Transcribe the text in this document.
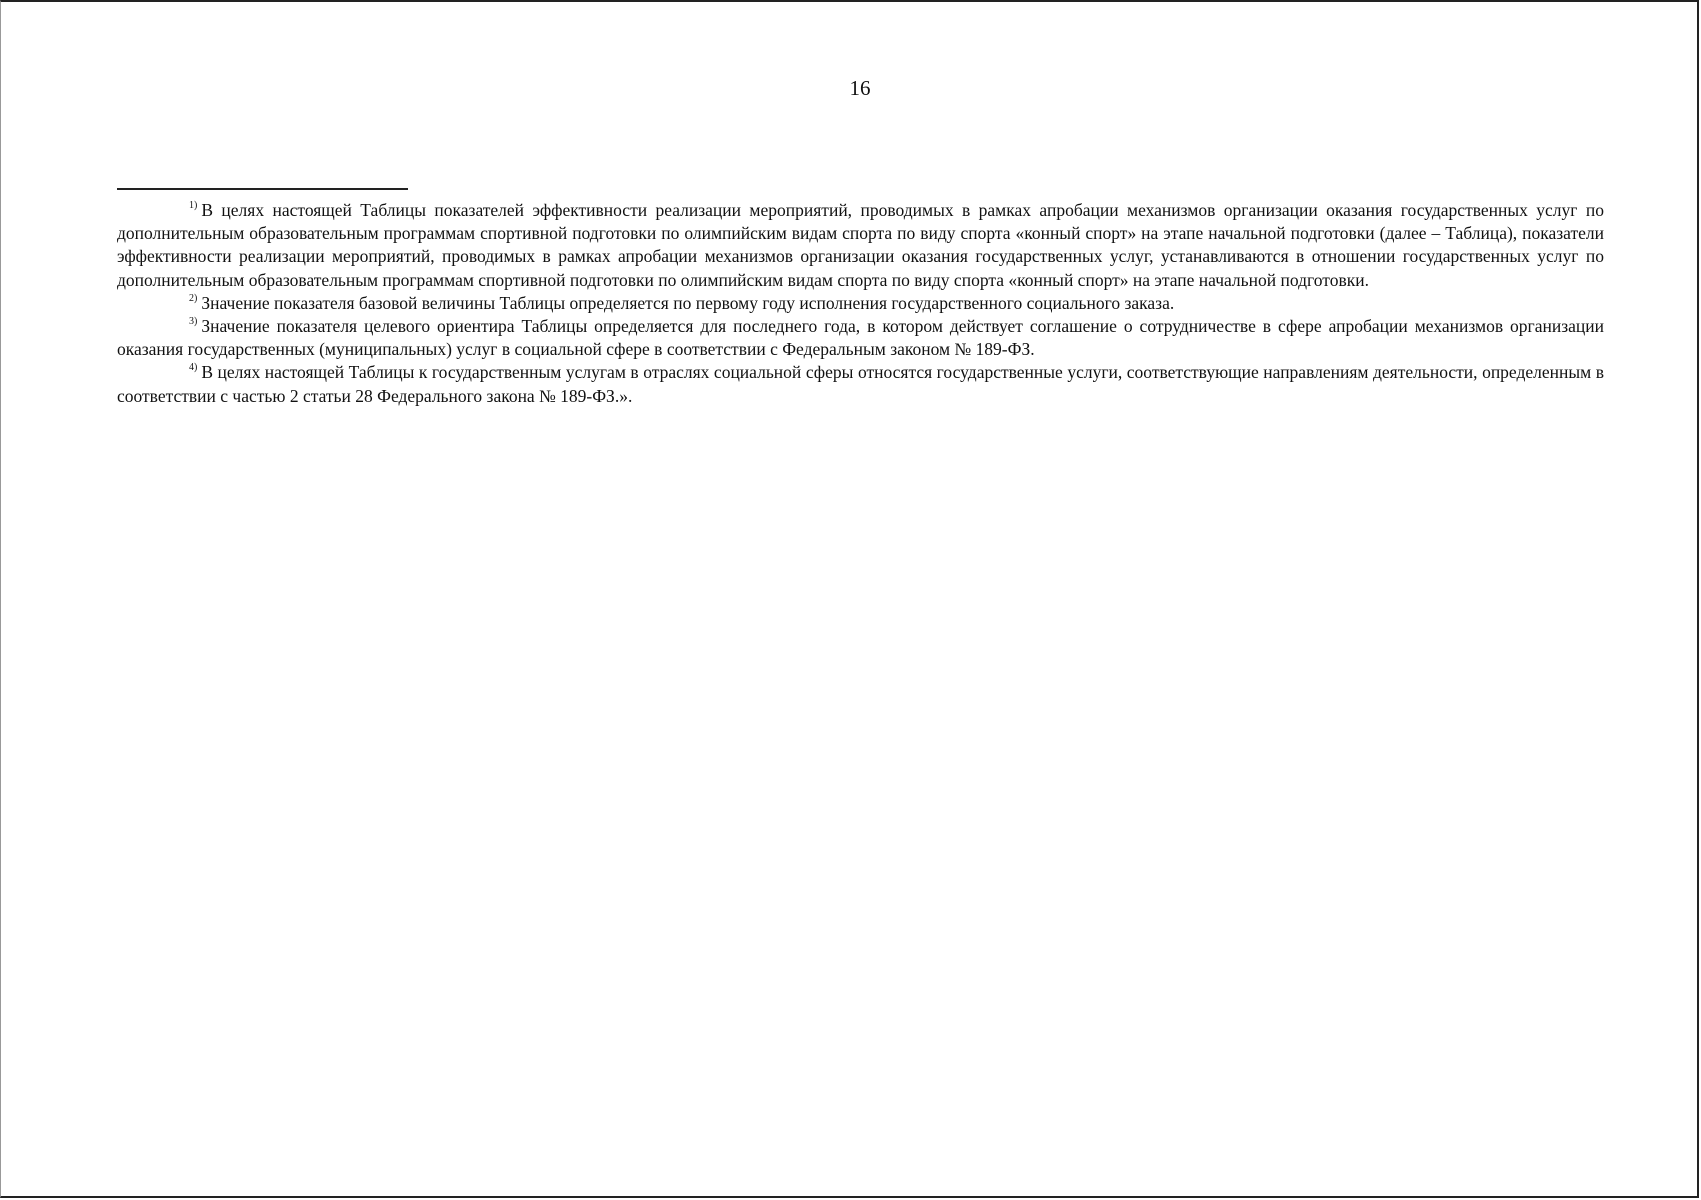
16

$^{1)}$ В целях настоящей Таблицы показателей эффективности реализации мероприятий, проводимых в рамках апробации механизмов организации оказания государственных услуг по дополнительным образовательным программам спортивной подготовки по олимпийским видам спорта по виду спорта «конный спорт» на этапе начальной подготовки (далее – Таблица), показатели эффективности реализации мероприятий, проводимых в рамках апробации механизмов организации оказания государственных услуг, устанавливаются в отношении государственных услуг по дополнительным образовательным программам спортивной подготовки по олимпийским видам спорта по виду спорта «конный спорт» на этапе начальной подготовки.

$^{2)}$ Значение показателя базовой величины Таблицы определяется по первому году исполнения государственного социального заказа.

$^{3)}$ Значение показателя целевого ориентира Таблицы определяется для последнего года, в котором действует соглашение о сотрудничестве в сфере апробации механизмов организации оказания государственных (муниципальных) услуг в социальной сфере в соответствии с Федеральным законом № 189-ФЗ.

$^{4)}$ В целях настоящей Таблицы к государственным услугам в отраслях социальной сферы относятся государственные услуги, соответствующие направлениям деятельности, определенным в соответствии с частью 2 статьи 28 Федерального закона № 189-ФЗ.».
